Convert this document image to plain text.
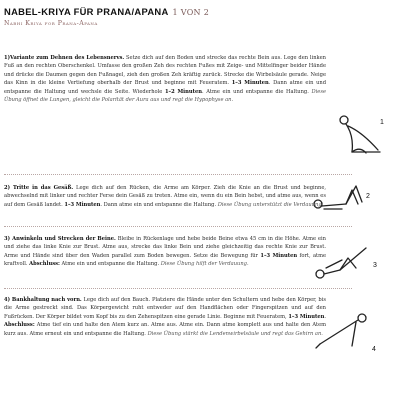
NABEL-KRIYA FÜR PRANA/APANA 1 VON 2
Nabhi Kriya for Prana-Apana
1)Variante zum Dehnen des Lebensnervs. Setze dich auf den Boden und strecke das rechte Bein aus. Lege den linken Fuß an den rechten Oberschenkel. Umfasse den großen Zeh des rechten Fußes mit Zeige- und Mittelfinger beider Hände und drücke die Daumen gegen den Fußnagel, zieh den großen Zeh kräftig zurück. Strecke die Wirbelsäule gerade. Neige das Kinn in die kleine Vertiefung oberhalb der Brust und beginne mit Feueratem. 1–3 Minuten. Dann atme ein und entspanne die Haltung und wechsle die Seite. Wiederhole 1–2 Minuten. Atme ein und entspanne die Haltung. Diese Übung öffnet die Lungen, gleicht die Polarität der Aura aus und regt die Hypophyse an.
2) Tritte in das Gesäß. Lege dich auf den Rücken, die Arme am Körper. Zieh die Knie an die Brust und beginne, abwechselnd mit linker und rechter Ferse dein Gesäß zu treten. Atme ein, wenn du ein Bein hebst, und atme aus, wenn es auf dem Gesäß landet. 1–3 Minuten. Dann atme ein und entspanne die Haltung. Diese Übung unterstützt die Verdauung.
3) Anwinkeln und Strecken der Beine. Bleibe in Rückenlage und hebe beide Beine etwa 45 cm in die Höhe. Atme ein und ziehe das linke Knie zur Brust. Atme aus, strecke das linke Bein und ziehe gleichzeitig das rechte Knie zur Brust. Arme und Hände sind über den Waden parallel zum Boden bewegen. Setze die Bewegung für 1–3 Minuten fort, atme kraftvoll. Abschluss: Atme ein und entspanne die Haltung. Diese Übung hilft der Verdauung.
4) Bankhaltung nach vorn. Lege dich auf den Bauch. Platziere die Hände unter den Schultern und hebe den Körper, bis die Arme gestreckt sind. Das Körpergewicht ruht entweder auf den Handflächen oder Fingerspitzen und auf den Fußrücken. Der Körper bildet vom Kopf bis zu den Zehenspitzen eine gerade Linie. Beginne mit Feueratem, 1–3 Minuten. Abschluss: Atme tief ein und halte den Atem kurz an. Atme aus. Atme ein. Dann atme komplett aus und halte den Atem kurz aus. Atme erneut ein und entspanne die Haltung. Diese Übung stärkt die Lendenwirbelsäule und regt das Gehirn an.
1
2
3
4
